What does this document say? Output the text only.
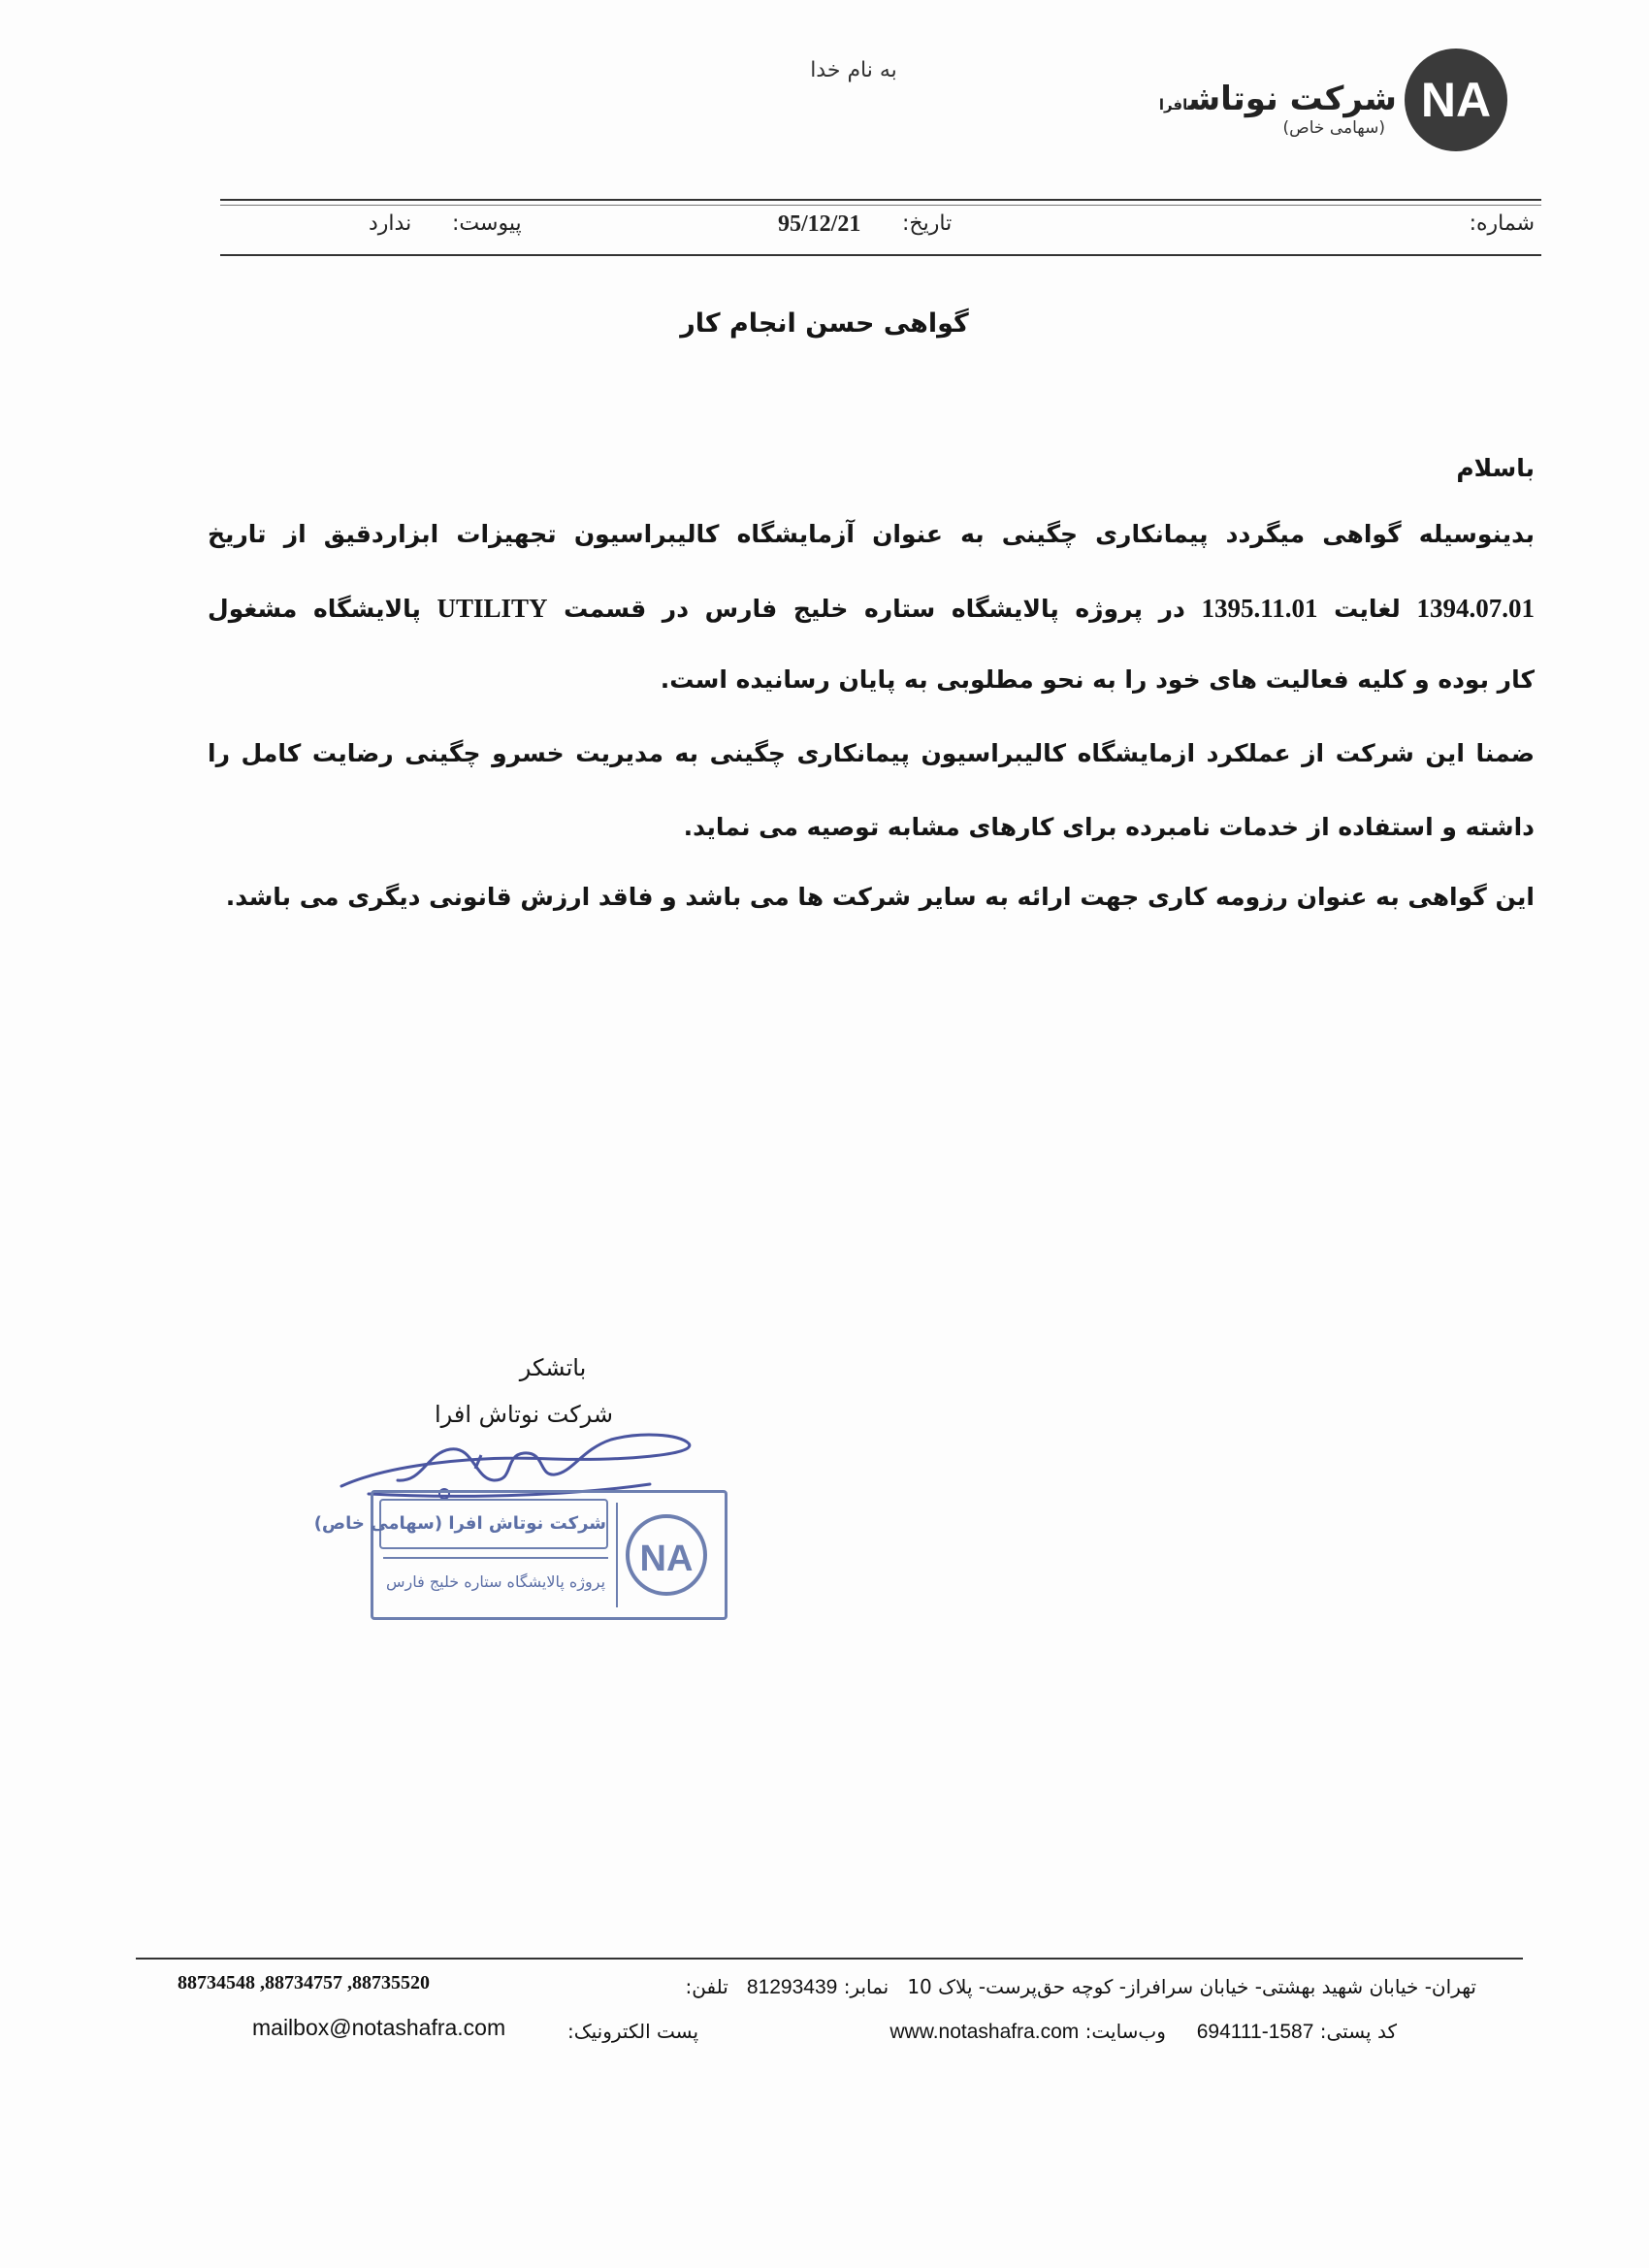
به نام خدا
NA
شرکت نوتاشافرا
(سهامی خاص)
شماره:
تاریخ:
95/12/21
پیوست:
ندارد
گواهی حسن انجام کار
باسلام
بدینوسیله گواهی میگردد پیمانکاری چگینی به عنوان آزمایشگاه کالیبراسیون تجهیزات ابزاردقیق از تاریخ
1394.07.01 لغایت 1395.11.01 در پروژه پالایشگاه ستاره خلیج فارس در قسمت UTILITY پالایشگاه مشغول
کار بوده و کلیه فعالیت های خود را به نحو مطلوبی به پایان رسانیده است.
ضمنا این شرکت از عملکرد ازمایشگاه کالیبراسیون پیمانکاری چگینی به مدیریت خسرو چگینی رضایت کامل را
داشته و استفاده از خدمات نامبرده برای کارهای مشابه توصیه می نماید.
این گواهی به عنوان رزومه کاری جهت ارائه به سایر شرکت ها می باشد و فاقد ارزش قانونی دیگری می باشد.
باتشکر
شرکت نوتاش افرا
NA
شرکت نوتاش افرا (سهامی خاص)
پروژه پالایشگاه ستاره خلیج فارس
تهران- خیابان شهید بهشتی- خیابان سرافراز- کوچه حق‌پرست- پلاک 10   نمابر: 81293439   تلفن:
88734548 ,88734757 ,88735520
کد پستی: 1587-694111     وب‌سایت: www.notashafra.com
پست الکترونیک:
mailbox@notashafra.com
